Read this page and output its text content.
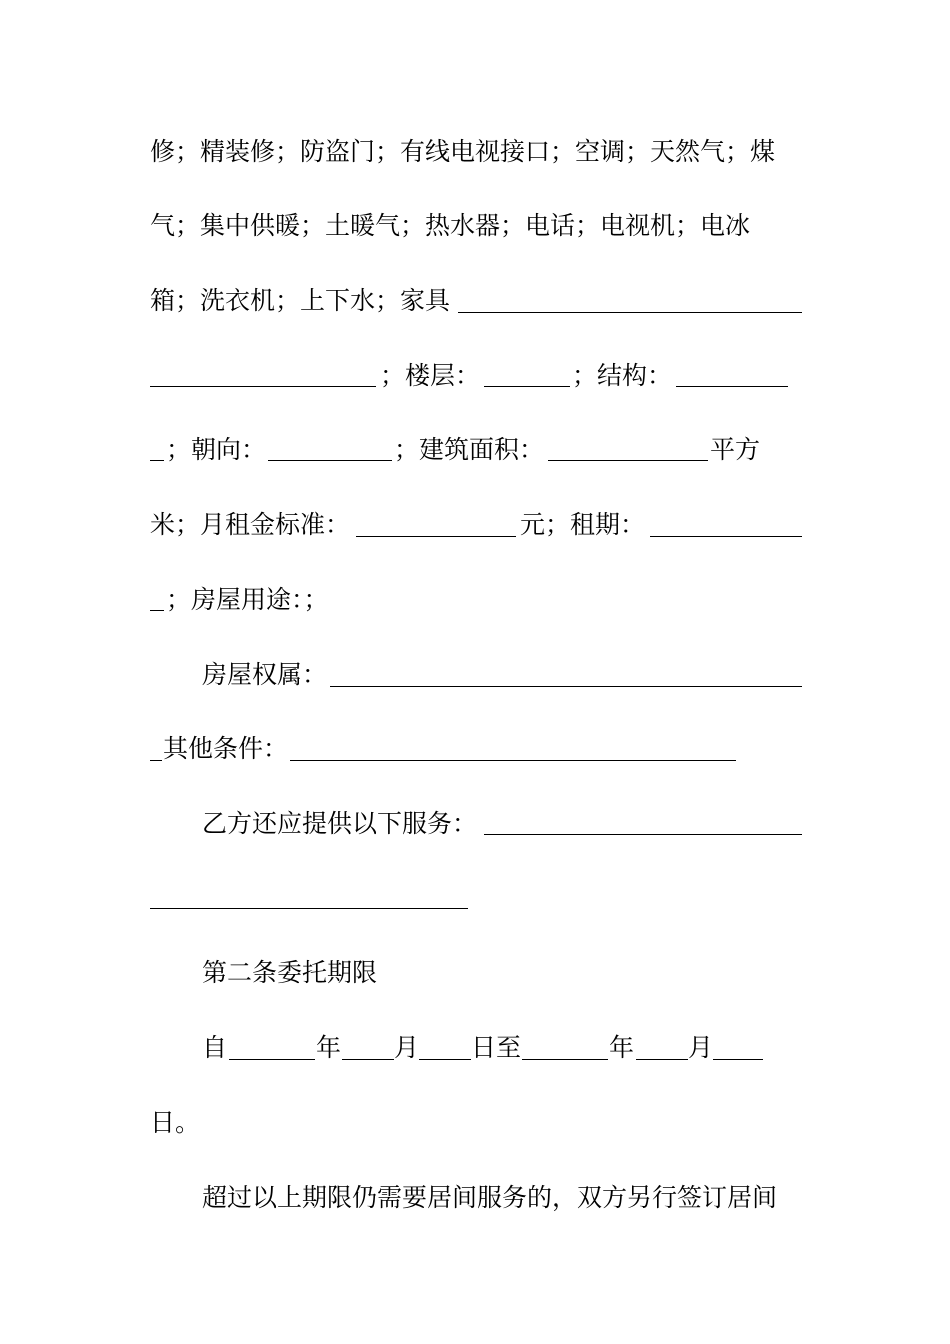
修；精装修；防盗门；有线电视接口；空调；天然气；煤
气；集中供暖；土暖气；热水器；电话；电视机；电冰
箱；洗衣机；上下水；家具
；楼层：	；结构：
；朝向：	；建筑面积：	平方
米；月租金标准：	元；租期：
；房屋用途：；
房屋权属：
其他条件：
乙方还应提供以下服务：
第二条委托期限
自	年 月 日至	年 月
日。
超过以上期限仍需要居间服务的，双方另行签订居间
